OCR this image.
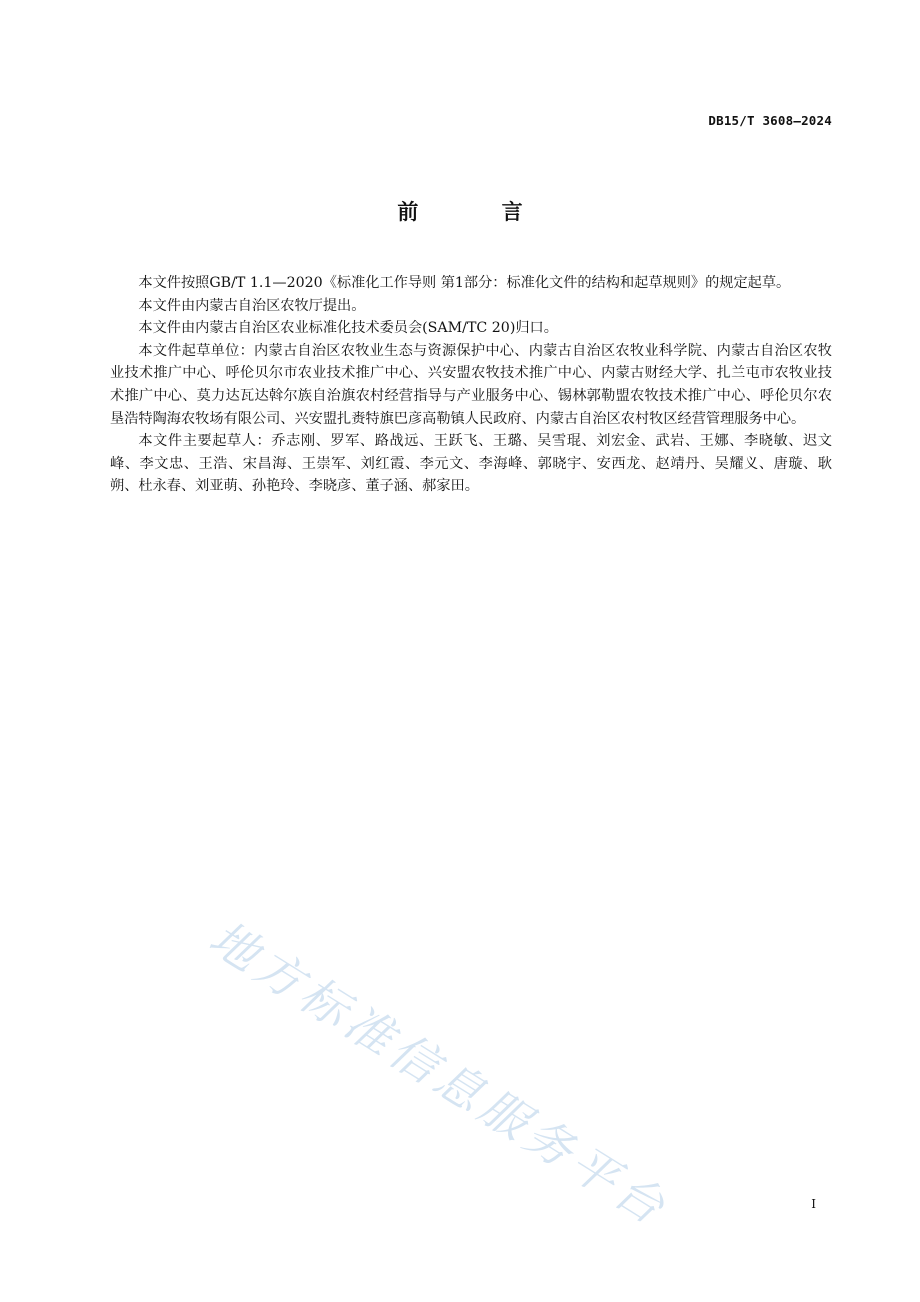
DB15/T 3608—2024
前 言

本文件按照GB/T 1.1—2020《标准化工作导则 第1部分：标准化文件的结构和起草规则》的规定起草。

本文件由内蒙古自治区农牧厅提出。

本文件由内蒙古自治区农业标准化技术委员会(SAM/TC 20)归口。

本文件起草单位：内蒙古自治区农牧业生态与资源保护中心、内蒙古自治区农牧业科学院、内蒙古自治区农牧业技术推广中心、呼伦贝尔市农业技术推广中心、兴安盟农牧技术推广中心、内蒙古财经大学、扎兰屯市农牧业技术推广中心、莫力达瓦达斡尔族自治旗农村经营指导与产业服务中心、锡林郭勒盟农牧技术推广中心、呼伦贝尔农垦浩特陶海农牧场有限公司、兴安盟扎赉特旗巴彦高勒镇人民政府、内蒙古自治区农村牧区经营管理服务中心。

本文件主要起草人：乔志刚、罗军、路战远、王跃飞、王璐、吴雪琨、刘宏金、武岩、王娜、李晓敏、迟文峰、李文忠、王浩、宋昌海、王崇军、刘红霞、李元文、李海峰、郭晓宇、安西龙、赵靖丹、吴耀义、唐璇、耿朔、杜永春、刘亚萌、孙艳玲、李晓彦、董子涵、郝家田。

地方标准信息服务平台	I
